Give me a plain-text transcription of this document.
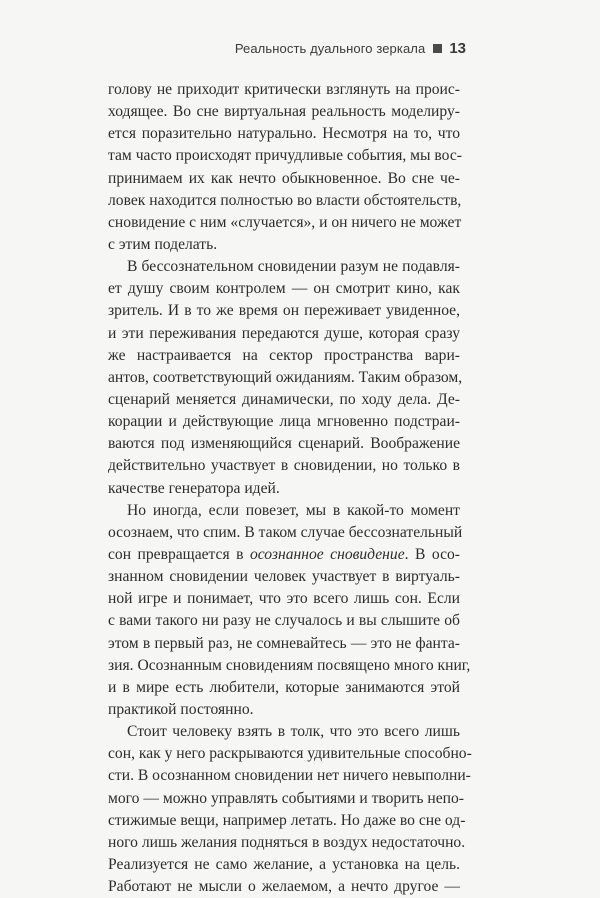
Реальность дуального зеркала 13
голову не приходит критически взглянуть на проис-
ходящее. Во сне виртуальная реальность моделиру-
ется поразительно натурально. Несмотря на то, что
там часто происходят причудливые события, мы вос-
принимаем их как нечто обыкновенное. Во сне че-
ловек находится полностью во власти обстоятельств,
сновидение с ним «случается», и он ничего не может
с этим поделать.
В бессознательном сновидении разум не подавля-
ет душу своим контролем — он смотрит кино, как
зритель. И в то же время он переживает увиденное,
и эти переживания передаются душе, которая сразу
же настраивается на сектор пространства вари-
антов, соответствующий ожиданиям. Таким образом,
сценарий меняется динамически, по ходу дела. Де-
корации и действующие лица мгновенно подстраи-
ваются под изменяющийся сценарий. Воображение
действительно участвует в сновидении, но только в
качестве генератора идей.
Но иногда, если повезет, мы в какой-то момент
осознаем, что спим. В таком случае бессознательный
сон превращается в осознанное сновидение. В осо-
знанном сновидении человек участвует в виртуаль-
ной игре и понимает, что это всего лишь сон. Если
с вами такого ни разу не случалось и вы слышите об
этом в первый раз, не сомневайтесь — это не фанта-
зия. Осознанным сновидениям посвящено много книг,
и в мире есть любители, которые занимаются этой
практикой постоянно.
Стоит человеку взять в толк, что это всего лишь
сон, как у него раскрываются удивительные способно-
сти. В осознанном сновидении нет ничего невыполни-
мого — можно управлять событиями и творить непо-
стижимые вещи, например летать. Но даже во сне од-
ного лишь желания подняться в воздух недостаточно.
Реализуется не само желание, а установка на цель.
Работают не мысли о желаемом, а нечто другое —
